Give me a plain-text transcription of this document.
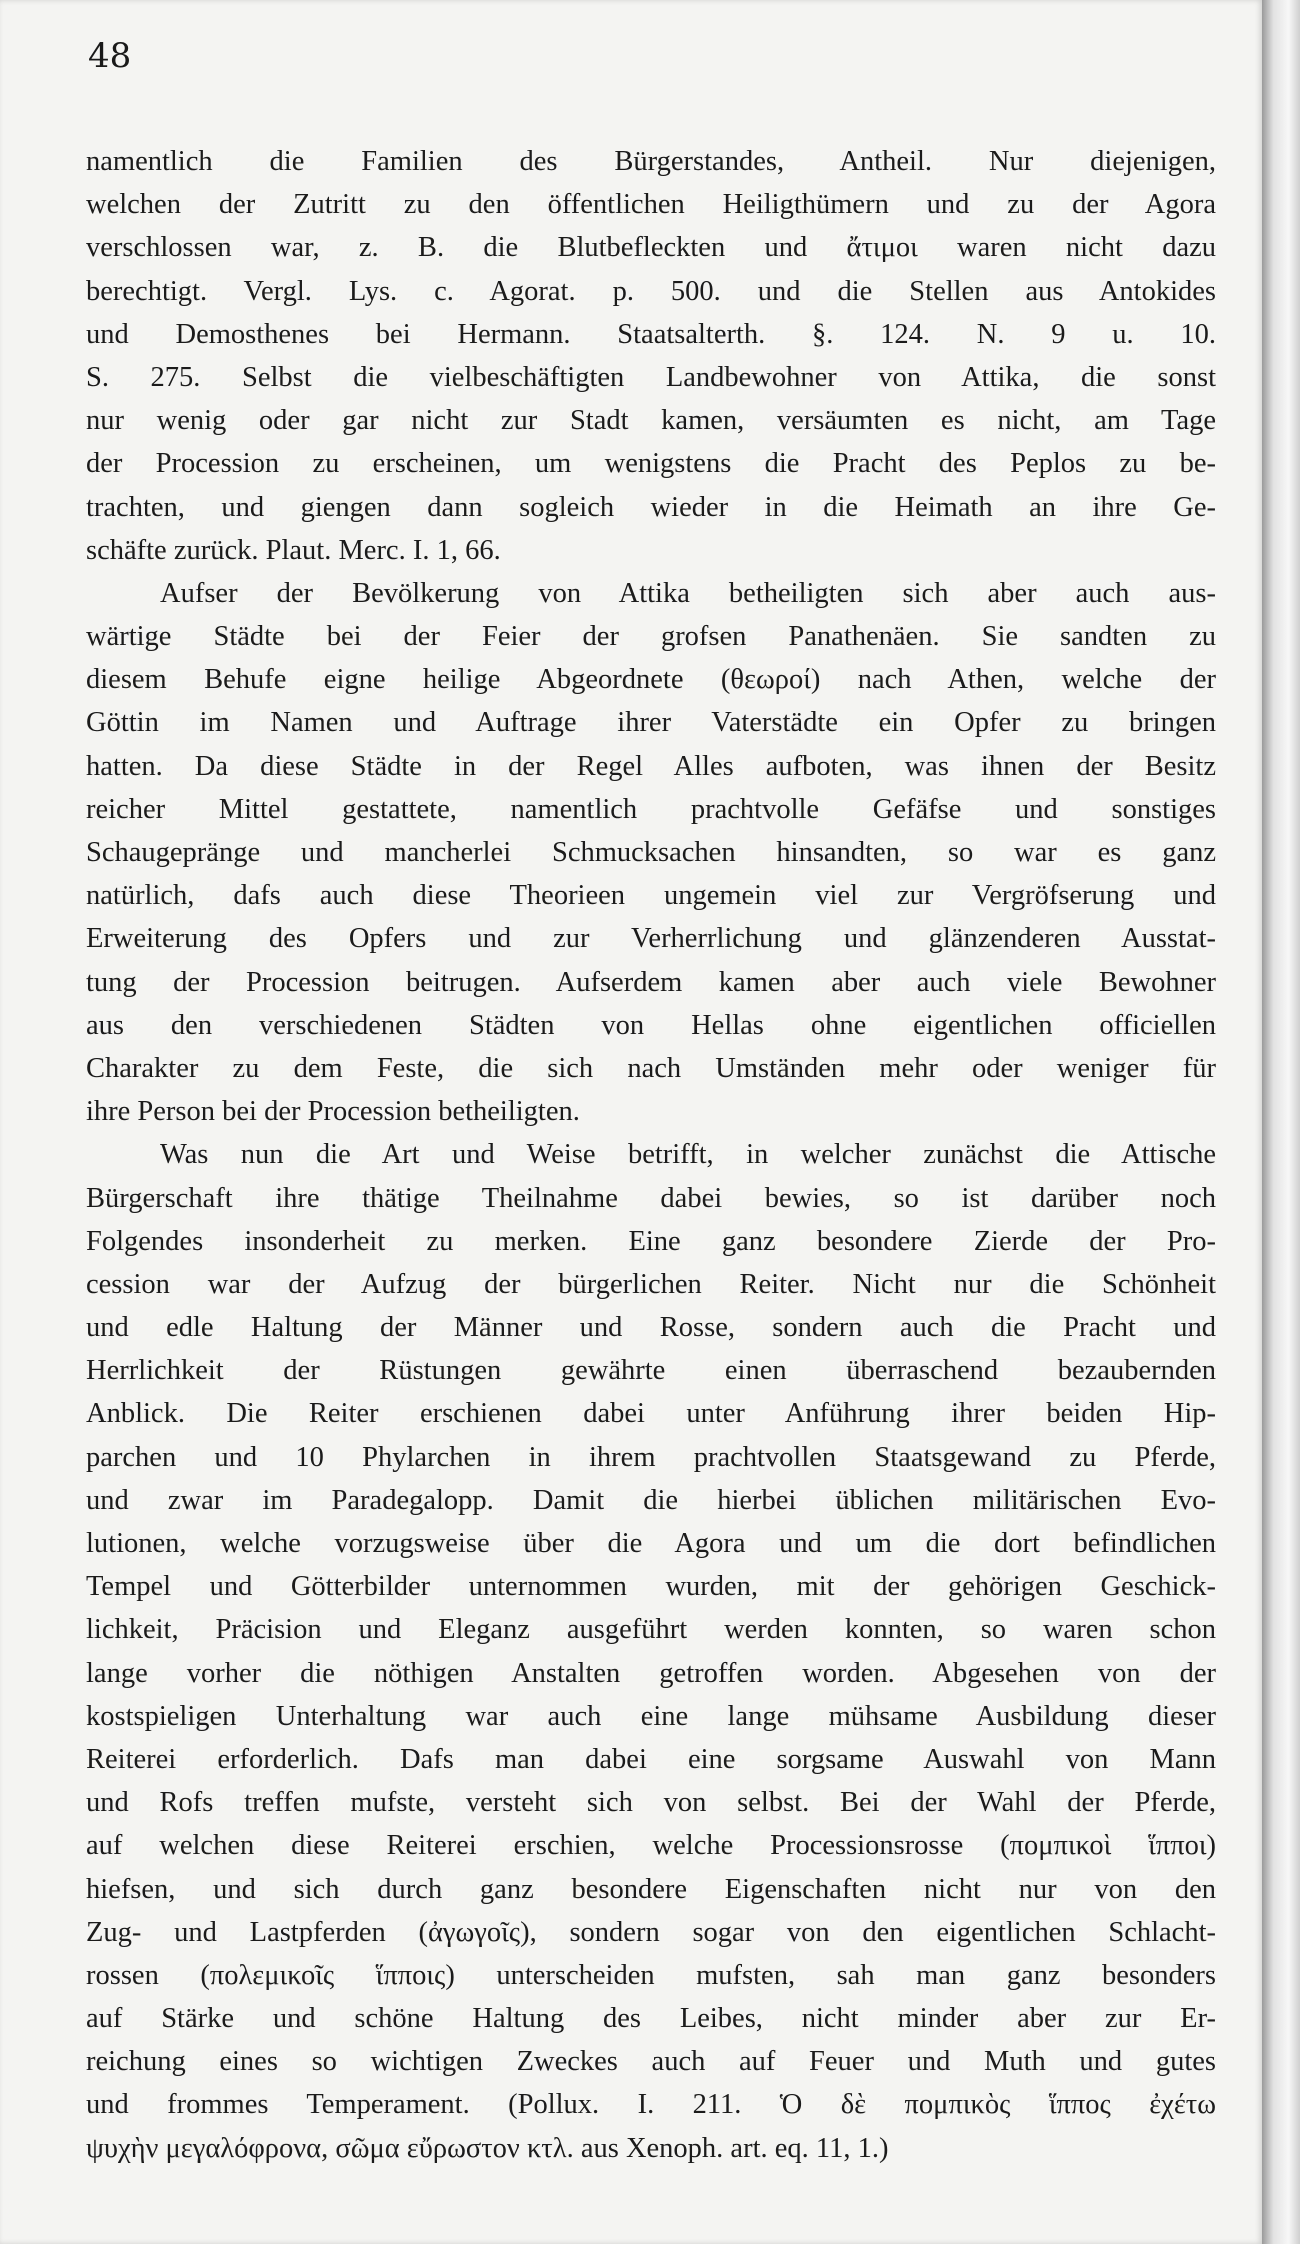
48
namentlich die Familien des Bürgerstandes, Antheil. Nur diejenigen,
welchen der Zutritt zu den öffentlichen Heiligthümern und zu der Agora
verschlossen war, z. B. die Blutbefleckten und ἄτιμοι waren nicht dazu
berechtigt. Vergl. Lys. c. Agorat. p. 500. und die Stellen aus Antokides
und Demosthenes bei Hermann. Staatsalterth. §. 124. N. 9 u. 10.
S. 275. Selbst die vielbeschäftigten Landbewohner von Attika, die sonst
nur wenig oder gar nicht zur Stadt kamen, versäumten es nicht, am Tage
der Procession zu erscheinen, um wenigstens die Pracht des Peplos zu be-
trachten, und giengen dann sogleich wieder in die Heimath an ihre Ge-
schäfte zurück. Plaut. Merc. I. 1, 66.
Aufser der Bevölkerung von Attika betheiligten sich aber auch aus-
wärtige Städte bei der Feier der grofsen Panathenäen. Sie sandten zu
diesem Behufe eigne heilige Abgeordnete (θεωροί) nach Athen, welche der
Göttin im Namen und Auftrage ihrer Vaterstädte ein Opfer zu bringen
hatten. Da diese Städte in der Regel Alles aufboten, was ihnen der Besitz
reicher Mittel gestattete, namentlich prachtvolle Gefäfse und sonstiges
Schaugepränge und mancherlei Schmucksachen hinsandten, so war es ganz
natürlich, dafs auch diese Theorieen ungemein viel zur Vergröfserung und
Erweiterung des Opfers und zur Verherrlichung und glänzenderen Ausstat-
tung der Procession beitrugen. Aufserdem kamen aber auch viele Bewohner
aus den verschiedenen Städten von Hellas ohne eigentlichen officiellen
Charakter zu dem Feste, die sich nach Umständen mehr oder weniger für
ihre Person bei der Procession betheiligten.
Was nun die Art und Weise betrifft, in welcher zunächst die Attische
Bürgerschaft ihre thätige Theilnahme dabei bewies, so ist darüber noch
Folgendes insonderheit zu merken. Eine ganz besondere Zierde der Pro-
cession war der Aufzug der bürgerlichen Reiter. Nicht nur die Schönheit
und edle Haltung der Männer und Rosse, sondern auch die Pracht und
Herrlichkeit der Rüstungen gewährte einen überraschend bezaubernden
Anblick. Die Reiter erschienen dabei unter Anführung ihrer beiden Hip-
parchen und 10 Phylarchen in ihrem prachtvollen Staatsgewand zu Pferde,
und zwar im Paradegalopp. Damit die hierbei üblichen militärischen Evo-
lutionen, welche vorzugsweise über die Agora und um die dort befindlichen
Tempel und Götterbilder unternommen wurden, mit der gehörigen Geschick-
lichkeit, Präcision und Eleganz ausgeführt werden konnten, so waren schon
lange vorher die nöthigen Anstalten getroffen worden. Abgesehen von der
kostspieligen Unterhaltung war auch eine lange mühsame Ausbildung dieser
Reiterei erforderlich. Dafs man dabei eine sorgsame Auswahl von Mann
und Rofs treffen mufste, versteht sich von selbst. Bei der Wahl der Pferde,
auf welchen diese Reiterei erschien, welche Processionsrosse (πομπικοὶ ἵπποι)
hiefsen, und sich durch ganz besondere Eigenschaften nicht nur von den
Zug- und Lastpferden (ἀγωγοῖς), sondern sogar von den eigentlichen Schlacht-
rossen (πολεμικοῖς ἵπποις) unterscheiden mufsten, sah man ganz besonders
auf Stärke und schöne Haltung des Leibes, nicht minder aber zur Er-
reichung eines so wichtigen Zweckes auch auf Feuer und Muth und gutes
und frommes Temperament. (Pollux. I. 211. Ὁ δὲ πομπικὸς ἵππος ἐχέτω
ψυχὴν μεγαλόφρονα, σῶμα εὔρωστον κτλ. aus Xenoph. art. eq. 11, 1.)
